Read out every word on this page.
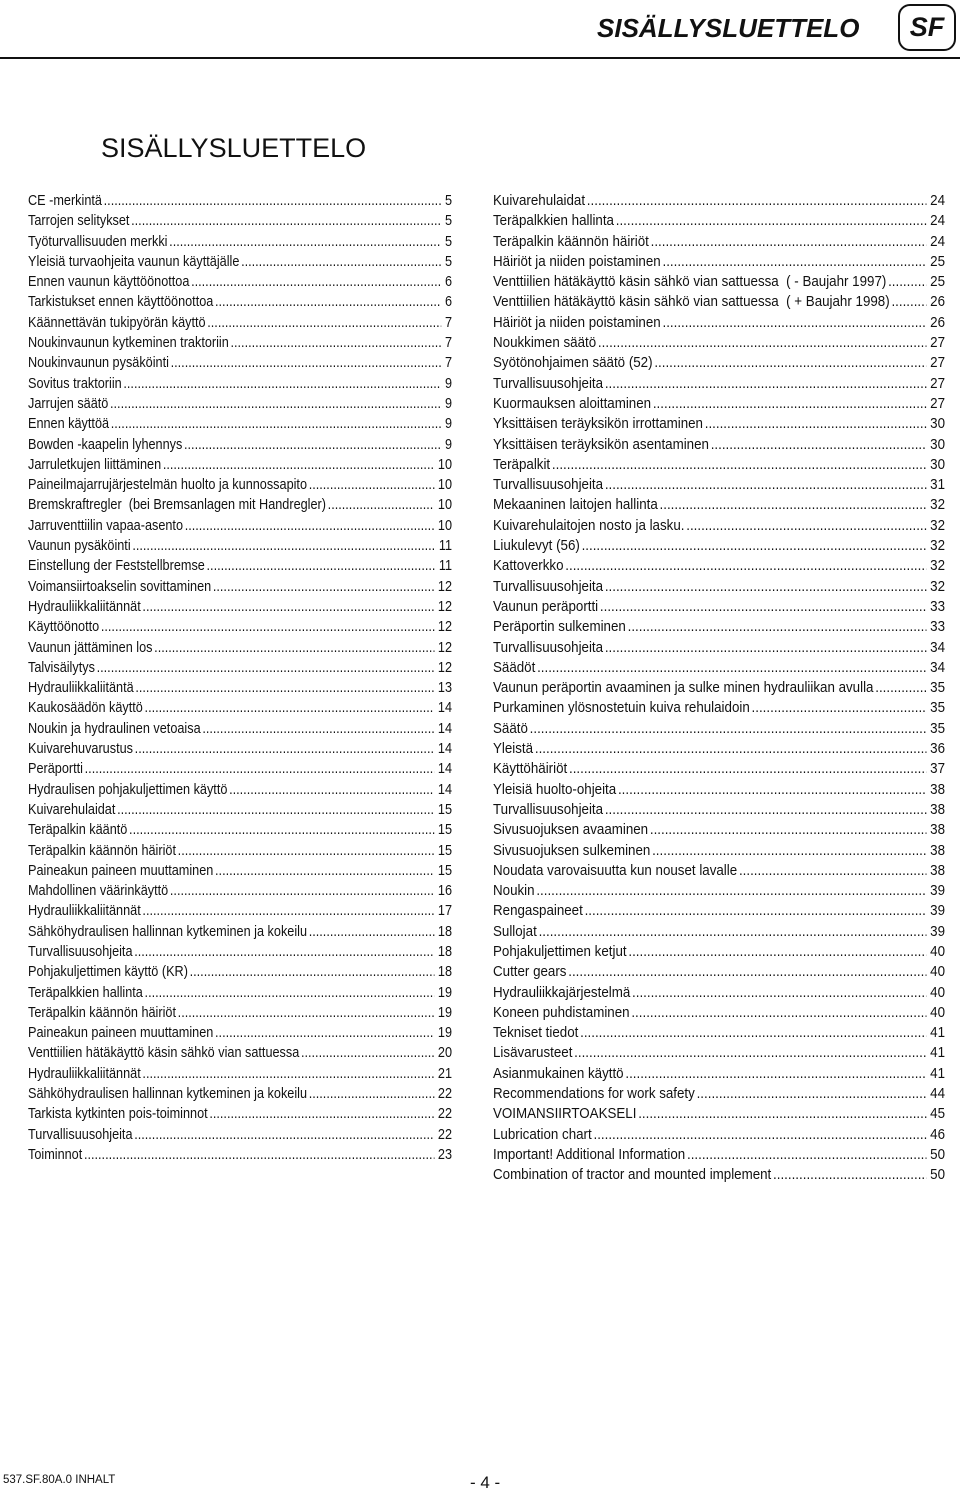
SISÄLLYSLUETTELO SF
SISÄLLYSLUETTELO
CE -merkintä .....	5
Tarrojen selitykset .....	5
Työturvallisuuden merkki .....	5
Yleisiä turvaohjeita vaunun käyttäjälle .....	5
Ennen vaunun käyttöönottoa .....	6
Tarkistukset ennen käyttöönottoa .....	6
Käännettävän tukipyörän käyttö .....	7
Noukinvaunun kytkeminen traktoriin .....	7
Noukinvaunun pysäköinti .....	7
Sovitus traktoriin .....	9
Jarrujen säätö .....	9
Ennen käyttöä .....	9
Bowden -kaapelin lyhennys .....	9
Jarruletkujen liittäminen .....	10
Paineilmajarrujärjestelmän huolto ja kunnossapito .....	10
Bremskraftregler  (bei Bremsanlagen mit Handregler) .....	10
Jarruventtiilin vapaa-asento .....	10
Vaunun pysäköinti .....	11
Einstellung der Feststellbremse .....	11
Voimansiirtoakselin sovittaminen .....	12
Hydrauliikkaliitännät .....	12
Käyttöönotto .....	12
Vaunun jättäminen los .....	12
Talvisäilytys .....	12
Hydrauliikkaliitäntä .....	13
Kaukosäädön käyttö .....	14
Noukin ja hydraulinen vetoaisa .....	14
Kuivarehuvarustus .....	14
Peräportti .....	14
Hydraulisen pohjakuljettimen käyttö .....	14
Kuivarehulaidat .....	15
Teräpalkin kääntö .....	15
Teräpalkin käännön häiriöt .....	15
Paineakun paineen muuttaminen .....	15
Mahdollinen väärinkäyttö .....	16
Hydrauliikkaliitännät .....	17
Sähköhydraulisen hallinnan kytkeminen ja kokeilu .....	18
Turvallisuusohjeita .....	18
Pohjakuljettimen käyttö (KR) .....	18
Teräpalkkien hallinta .....	19
Teräpalkin käännön häiriöt .....	19
Paineakun paineen muuttaminen .....	19
Venttiilien hätäkäyttö käsin sähkö vian sattuessa .....	20
Hydrauliikkaliitännät .....	21
Sähköhydraulisen hallinnan kytkeminen ja kokeilu .....	22
Tarkista kytkinten pois-toiminnot .....	22
Turvallisuusohjeita .....	22
Toiminnot .....	23
Kuivarehulaidat .....	24
Teräpalkkien hallinta .....	24
Teräpalkin käännön häiriöt .....	24
Häiriöt ja niiden poistaminen .....	25
Venttiilien hätäkäyttö käsin sähkö vian sattuessa  ( - Baujahr 1997) .....	25
Venttiilien hätäkäyttö käsin sähkö vian sattuessa  ( + Baujahr 1998) .....	26
Häiriöt ja niiden poistaminen .....	26
Noukkimen säätö .....	27
Syötönohjaimen säätö (52) .....	27
Turvallisuusohjeita .....	27
Kuormauksen aloittaminen .....	27
Yksittäisen teräyksikön irrottaminen .....	30
Yksittäisen teräyksikön asentaminen .....	30
Teräpalkit .....	30
Turvallisuusohjeita .....	31
Mekaaninen laitojen hallinta .....	32
Kuivarehulaitojen nosto ja lasku. .....	32
Liukulevyt (56) .....	32
Kattoverkko .....	32
Turvallisuusohjeita .....	32
Vaunun peräportti .....	33
Peräportin sulkeminen .....	33
Turvallisuusohjeita .....	34
Säädöt .....	34
Vaunun peräportin avaaminen ja sulke minen hydrauliikan avulla .....	35
Purkaminen ylösnostetuin kuiva rehulaidoin .....	35
Säätö .....	35
Yleistä .....	36
Käyttöhäiriöt .....	37
Yleisiä huolto-ohjeita .....	38
Turvallisuusohjeita .....	38
Sivusuojuksen avaaminen .....	38
Sivusuojuksen sulkeminen .....	38
Noudata varovaisuutta kun nouset lavalle .....	38
Noukin .....	39
Rengaspaineet .....	39
Sullojat .....	39
Pohjakuljettimen ketjut .....	40
Cutter gears .....	40
Hydrauliikkajärjestelmä .....	40
Koneen puhdistaminen .....	40
Tekniset tiedot .....	41
Lisävarusteet .....	41
Asianmukainen käyttö .....	41
Recommendations for work safety .....	44
VOIMANSIIRTOAKSELI .....	45
Lubrication chart .....	46
Important! Additional Information .....	50
Combination of tractor and mounted implement .....	50
537.SF.80A.0 INHALT	- 4 -
